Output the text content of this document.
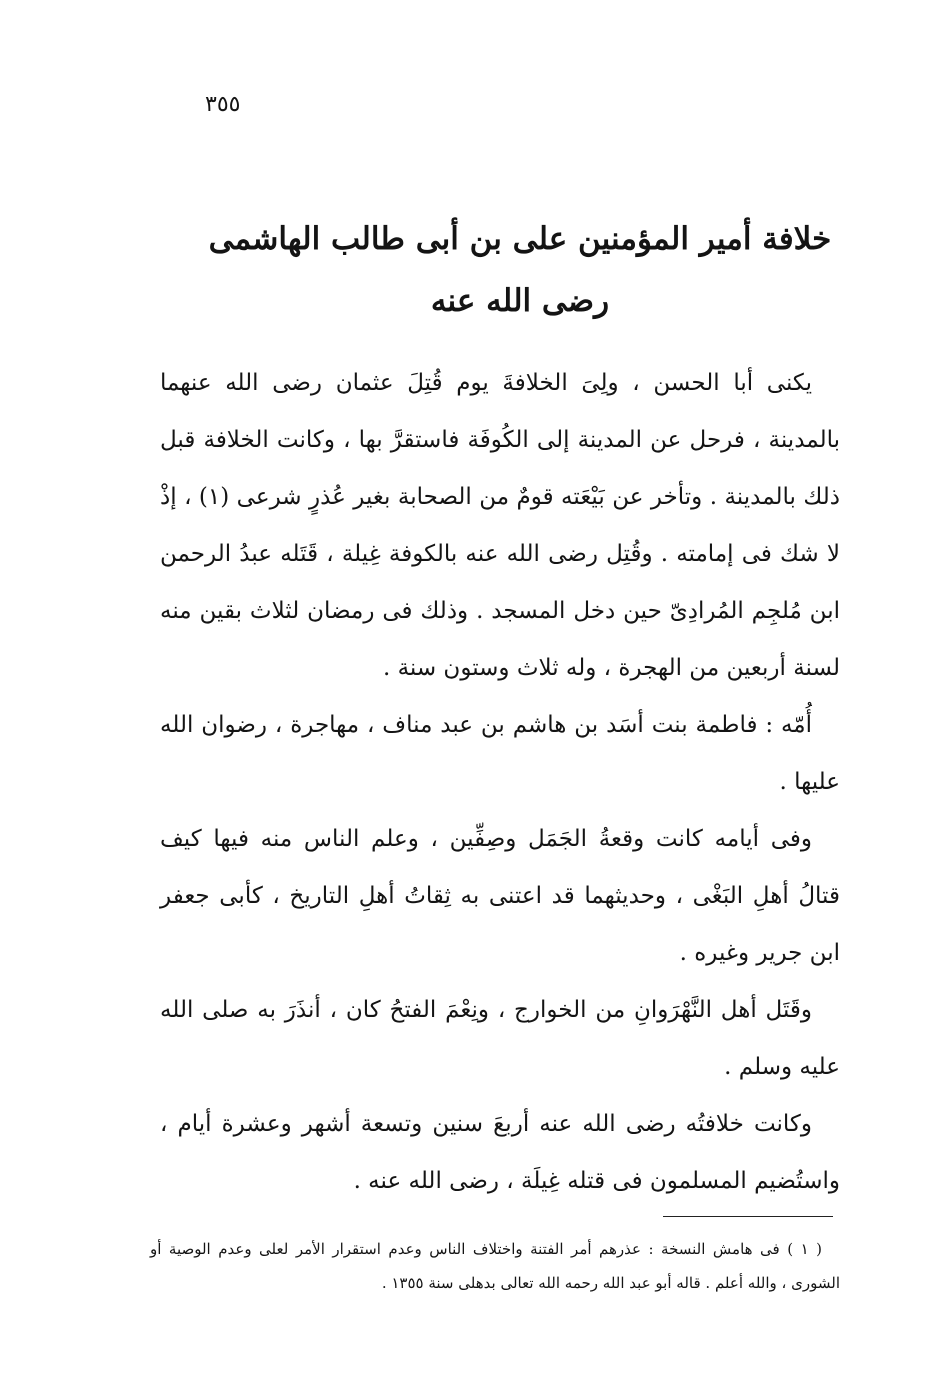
٣٥٥
خلافة أمير المؤمنين على بن أبى طالب الهاشمى
رضى الله عنه

يكنى أبا الحسن ، ولِىَ الخلافةَ يوم قُتِلَ عثمان رضى الله عنهما بالمدينة ، فرحل عن المدينة إلى الكُوفَة فاستقرَّ بها ، وكانت الخلافة قبل ذلك بالمدينة . وتأخر عن بَيْعَته قومٌ من الصحابة بغير عُذرٍ شرعى (١) ، إذْ لا شك فى إمامته . وقُتِل رضى الله عنه بالكوفة غِيلة ، قَتَله عبدُ الرحمن ابن مُلجِم المُرادِىّ حين دخل المسجد . وذلك فى رمضان لثلاث بقين منه لسنة أربعين من الهجرة ، وله ثلاث وستون سنة .

أُمّه : فاطمة بنت أسَد بن هاشم بن عبد مناف ، مهاجرة ، رضوان الله عليها .

وفى أيامه كانت وقعةُ الجَمَل وصِفِّين ، وعلم الناس منه فيها كيف قتالُ أهلِ البَغْى ، وحديثهما قد اعتنى به ثِقاتُ أهلِ التاريخ ، كأبى جعفر ابن جرير وغيره .

وقَتَل أهل النَّهْرَوانِ من الخوارج ، ونِعْمَ الفتحُ كان ، أنذَرَ به صلى الله عليه وسلم .

وكانت خلافتُه رضى الله عنه أربعَ سنين وتسعة أشهر وعشرة أيام ، واستُضيم المسلمون فى قتله غِيلَة ، رضى الله عنه .

( ١ ) فى هامش النسخة : عذرهم أمر الفتنة واختلاف الناس وعدم استقرار الأمر لعلى وعدم الوصية أو الشورى ، والله أعلم . قاله أبو عبد الله رحمه الله تعالى بدهلى سنة ١٣٥٥ .
